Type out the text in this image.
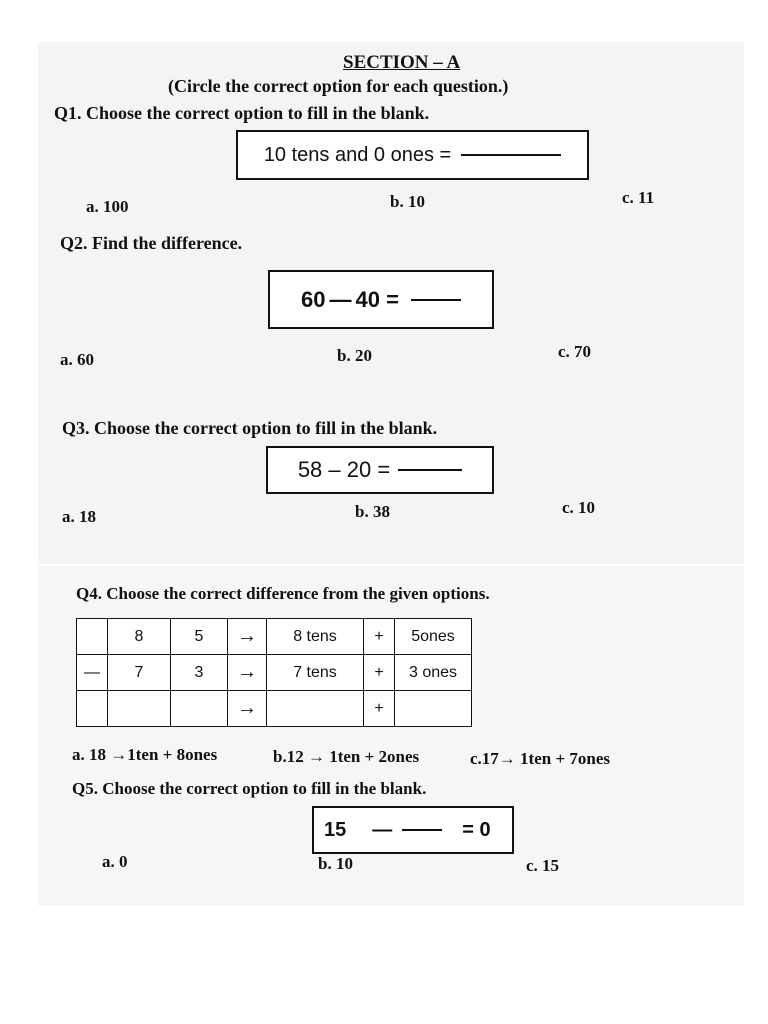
SECTION – A
(Circle the correct option for each question.)
Q1. Choose the correct option to fill in the blank.
10 tens and 0 ones =
a. 100	b. 10	c. 11
Q2. Find the difference.
60 — 40 =
a. 60	b. 20	c. 70
Q3. Choose the correct option to fill in the blank.
58 – 20 =
a. 18	b. 38	c. 10
Q4. Choose the correct difference from the given options.
	8	5	→	8 tens	+	5ones
—	7	3	→	7 tens	+	3 ones
			→		+	
a. 18 →1ten + 8ones	b.12 → 1ten + 2ones	c.17→ 1ten + 7ones
Q5. Choose the correct option to fill in the blank.
15 —	= 0
a. 0	b. 10	c. 15
